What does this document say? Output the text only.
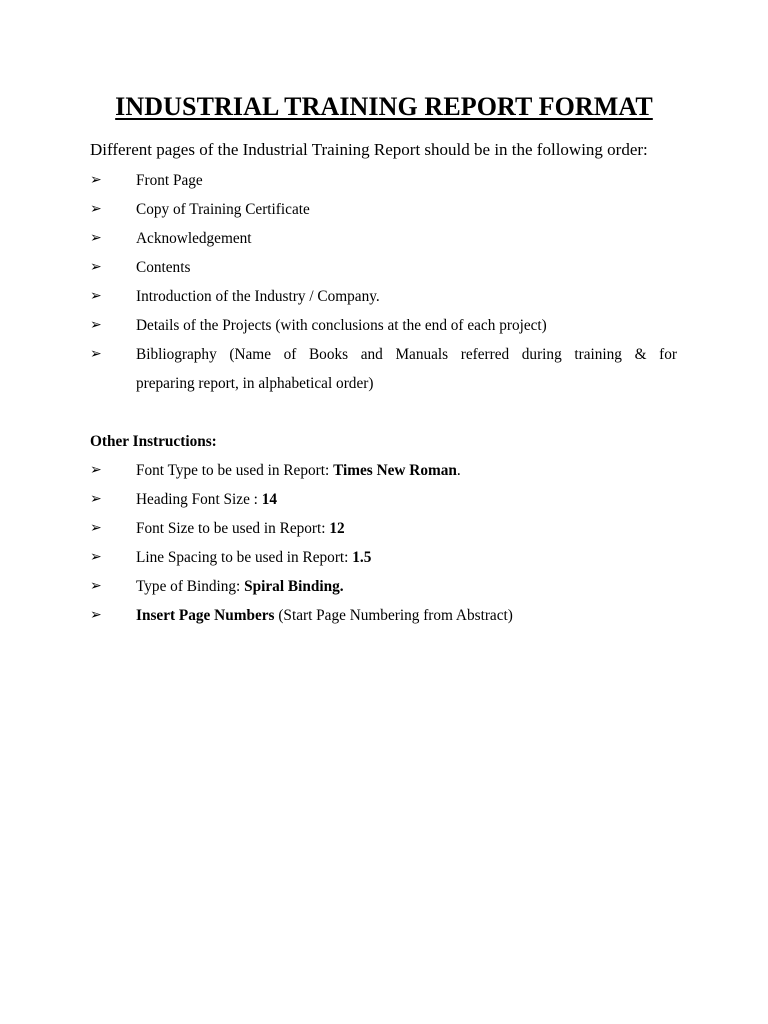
INDUSTRIAL TRAINING REPORT FORMAT
Different pages of the Industrial Training Report should be in the following order:
➢	Front Page
➢	Copy of Training Certificate
➢	Acknowledgement
➢	Contents
➢	Introduction of the Industry / Company.
➢	Details of the Projects (with conclusions at the end of each project)
➢	Bibliography (Name of Books and Manuals referred during training & for
preparing report, in alphabetical order)
Other Instructions:
➢	Font Type to be used in Report: Times New Roman.
➢	Heading Font Size : 14
➢	Font Size to be used in Report: 12
➢	Line Spacing to be used in Report: 1.5
➢	Type of Binding: Spiral Binding.
➢	Insert Page Numbers (Start Page Numbering from Abstract)
